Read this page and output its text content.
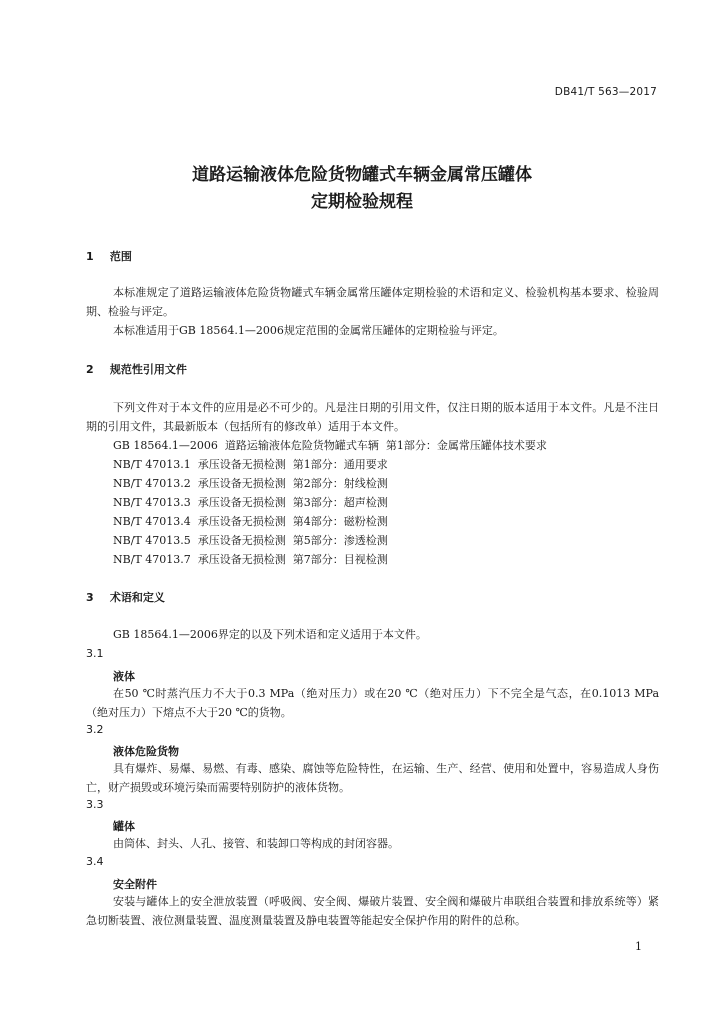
DB41/T 563—2017
道路运输液体危险货物罐式车辆金属常压罐体
定期检验规程
1 范围
本标准规定了道路运输液体危险货物罐式车辆金属常压罐体定期检验的术语和定义、检验机构基本要求、检验周期、检验与评定。
本标准适用于GB 18564.1—2006规定范围的金属常压罐体的定期检验与评定。
2 规范性引用文件
下列文件对于本文件的应用是必不可少的。凡是注日期的引用文件，仅注日期的版本适用于本文件。凡是不注日期的引用文件，其最新版本（包括所有的修改单）适用于本文件。
GB 18564.1—2006  道路运输液体危险货物罐式车辆  第1部分：金属常压罐体技术要求
NB/T 47013.1  承压设备无损检测  第1部分：通用要求
NB/T 47013.2  承压设备无损检测  第2部分：射线检测
NB/T 47013.3  承压设备无损检测  第3部分：超声检测
NB/T 47013.4  承压设备无损检测  第4部分：磁粉检测
NB/T 47013.5  承压设备无损检测  第5部分：渗透检测
NB/T 47013.7  承压设备无损检测  第7部分：目视检测
3 术语和定义
GB 18564.1—2006界定的以及下列术语和定义适用于本文件。
3.1
液体
在50 ℃时蒸汽压力不大于0.3 MPa（绝对压力）或在20 ℃（绝对压力）下不完全是气态，在0.1013 MPa（绝对压力）下熔点不大于20 ℃的货物。
3.2
液体危险货物
具有爆炸、易爆、易燃、有毒、感染、腐蚀等危险特性，在运输、生产、经营、使用和处置中，容易造成人身伤亡，财产损毁或环境污染而需要特别防护的液体货物。
3.3
罐体
由筒体、封头、人孔、接管、和装卸口等构成的封闭容器。
3.4
安全附件
安装与罐体上的安全泄放装置（呼吸阀、安全阀、爆破片装置、安全阀和爆破片串联组合装置和排放系统等）紧急切断装置、液位测量装置、温度测量装置及静电装置等能起安全保护作用的附件的总称。
1
